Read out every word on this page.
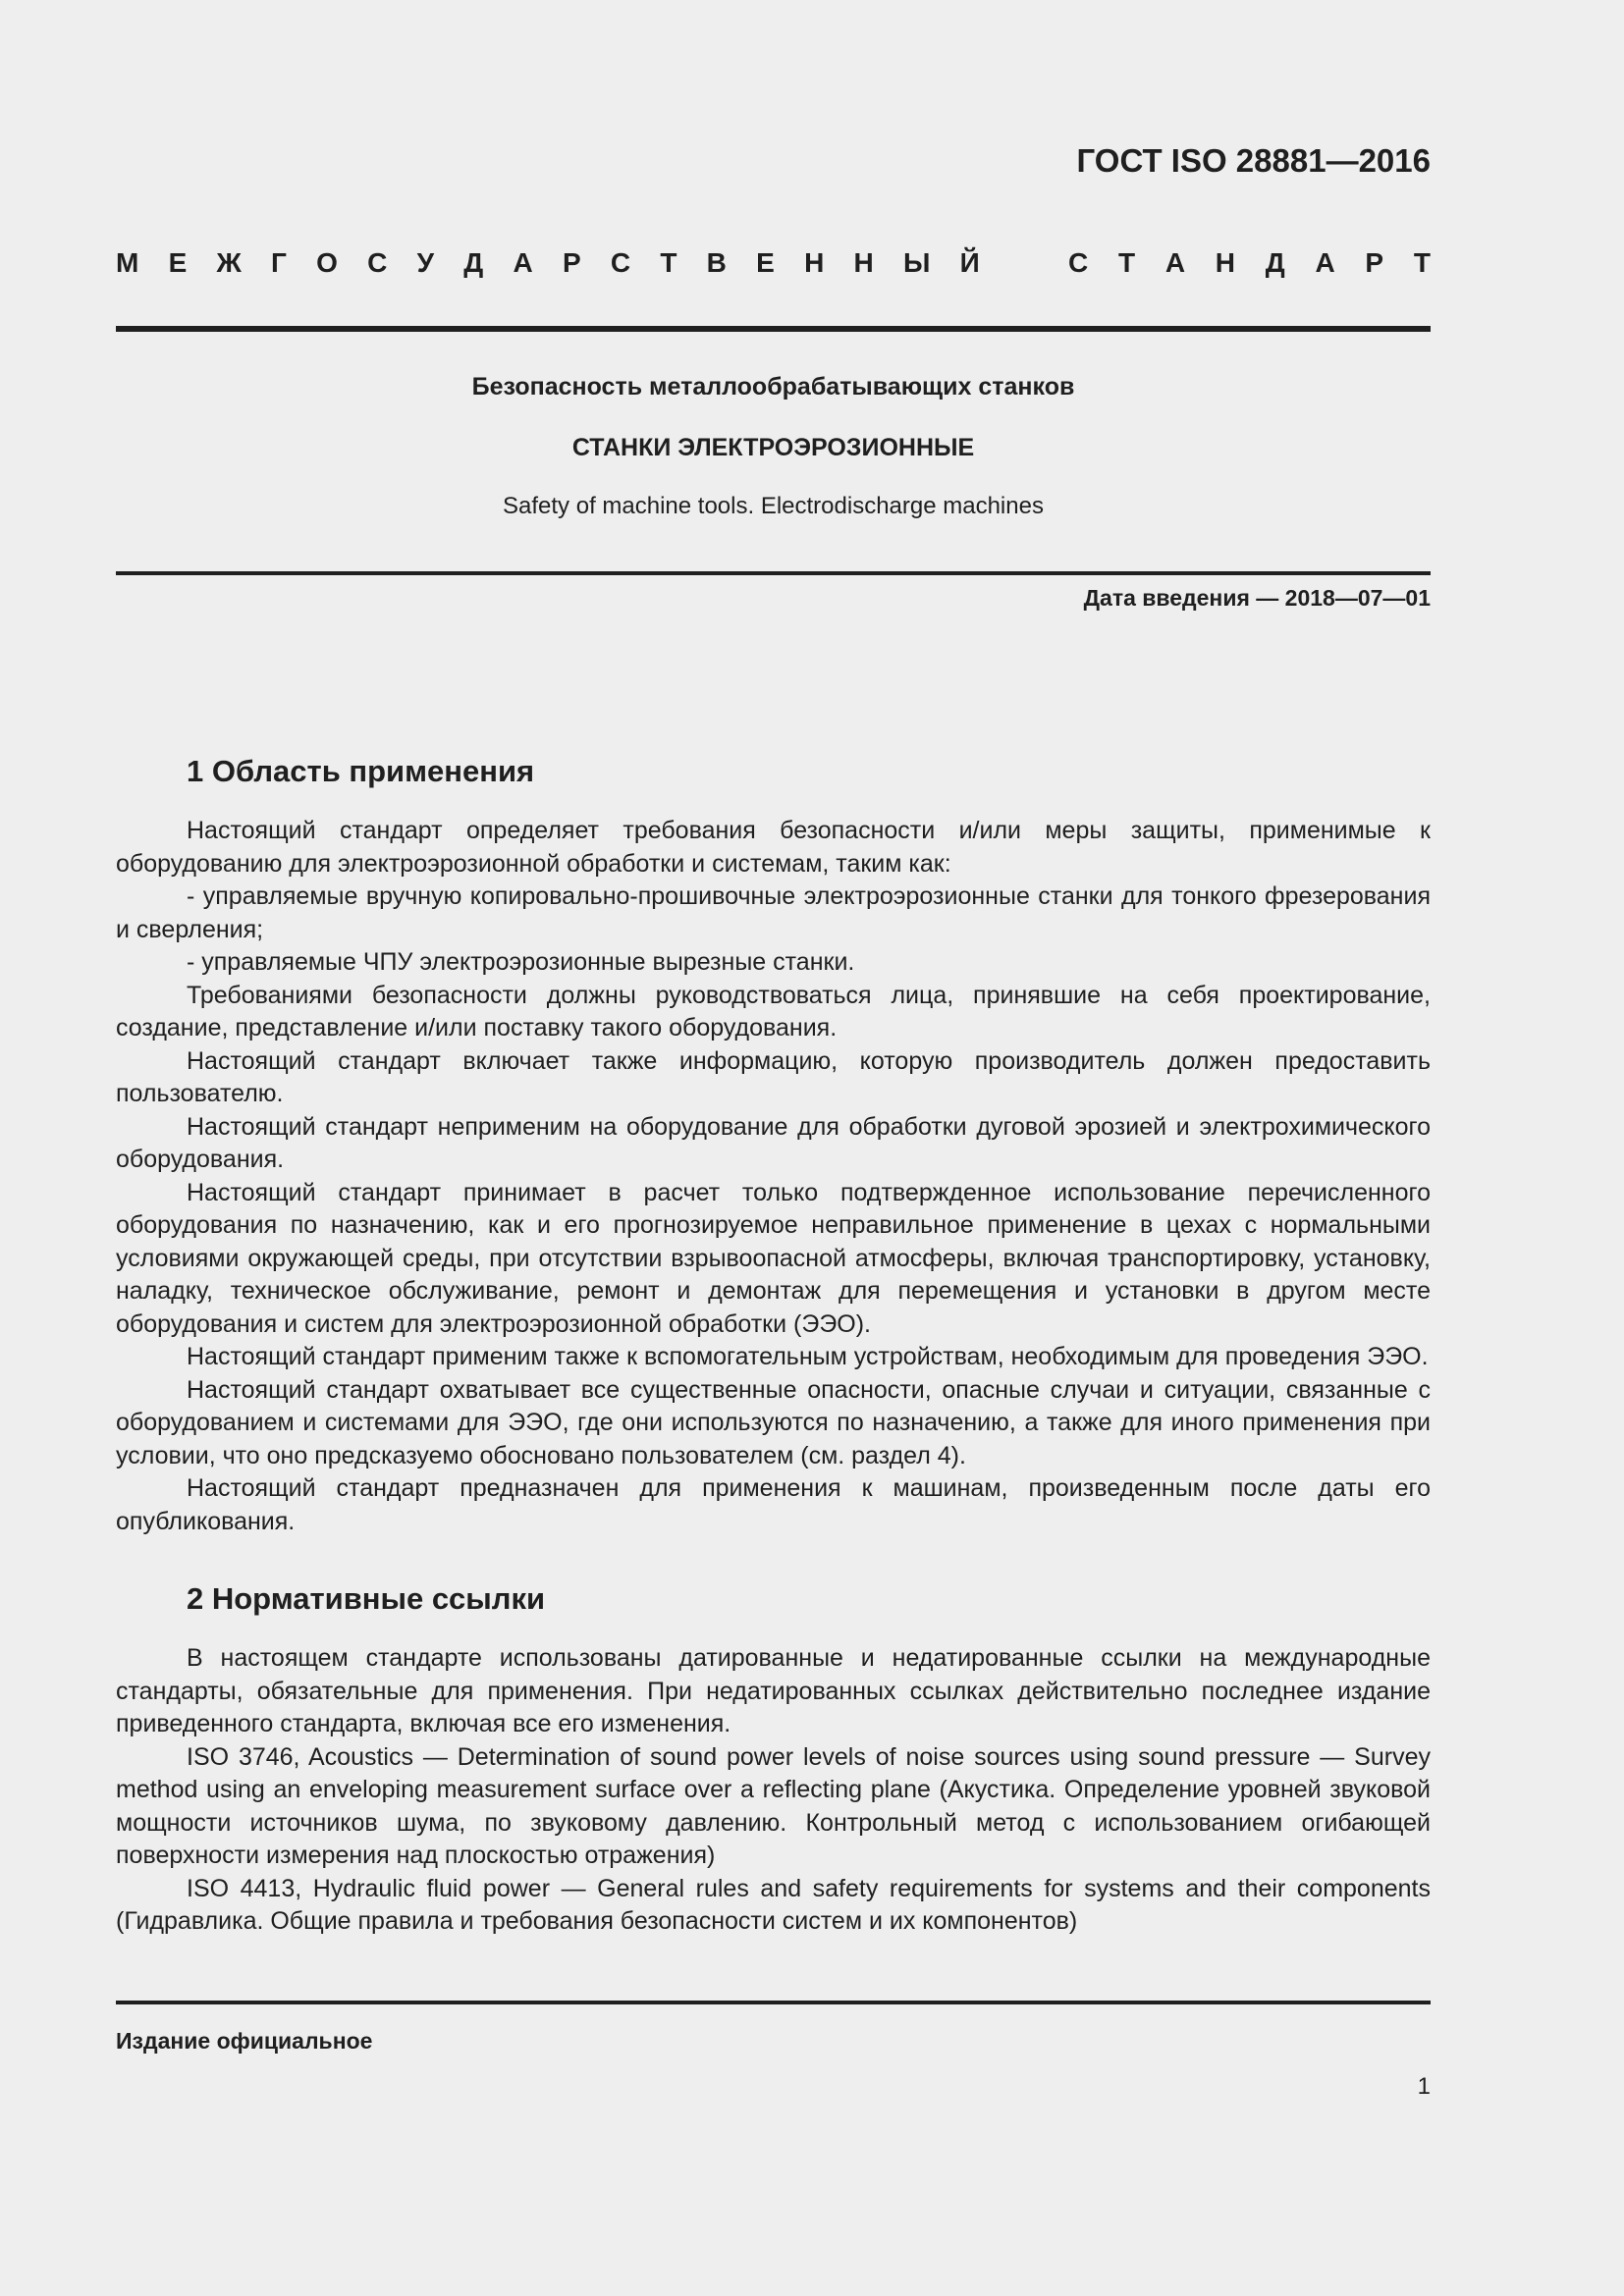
ГОСТ ISO 28881—2016
М Е Ж Г О С У Д А Р С Т В Е Н Н Ы Й	С Т А Н Д А Р Т
Безопасность металлообрабатывающих станков
СТАНКИ ЭЛЕКТРОЭРОЗИОННЫЕ
Safety of machine tools. Electrodischarge machines
Дата введения — 2018—07—01
1 Область применения

Настоящий стандарт определяет требования безопасности и/или меры защиты, применимые к оборудованию для электроэрозионной обработки и системам, таким как:

- управляемые вручную копировально-прошивочные электроэрозионные станки для тонкого фрезерования и сверления;

- управляемые ЧПУ электроэрозионные вырезные станки.

Требованиями безопасности должны руководствоваться лица, принявшие на себя проектирование, создание, представление и/или поставку такого оборудования.

Настоящий стандарт включает также информацию, которую производитель должен предоставить пользователю.

Настоящий стандарт неприменим на оборудование для обработки дуговой эрозией и электрохимического оборудования.

Настоящий стандарт принимает в расчет только подтвержденное использование перечисленного оборудования по назначению, как и его прогнозируемое неправильное применение в цехах с нормальными условиями окружающей среды, при отсутствии взрывоопасной атмосферы, включая транспортировку, установку, наладку, техническое обслуживание, ремонт и демонтаж для перемещения и установки в другом месте оборудования и систем для электроэрозионной обработки (ЭЭО).

Настоящий стандарт применим также к вспомогательным устройствам, необходимым для проведения ЭЭО.

Настоящий стандарт охватывает все существенные опасности, опасные случаи и ситуации, связанные с оборудованием и системами для ЭЭО, где они используются по назначению, а также для иного применения при условии, что оно предсказуемо обосновано пользователем (см. раздел 4).

Настоящий стандарт предназначен для применения к машинам, произведенным после даты его опубликования.

2 Нормативные ссылки

В настоящем стандарте использованы датированные и недатированные ссылки на международные стандарты, обязательные для применения. При недатированных ссылках действительно последнее издание приведенного стандарта, включая все его изменения.

ISO 3746, Acoustics — Determination of sound power levels of noise sources using sound pressure — Survey method using an enveloping measurement surface over a reflecting plane (Акустика. Определение уровней звуковой мощности источников шума, по звуковому давлению. Контрольный метод с использованием огибающей поверхности измерения над плоскостью отражения)

ISO 4413, Hydraulic fluid power — General rules and safety requirements for systems and their components (Гидравлика. Общие правила и требования безопасности систем и их компонентов)

Издание официальное
1
